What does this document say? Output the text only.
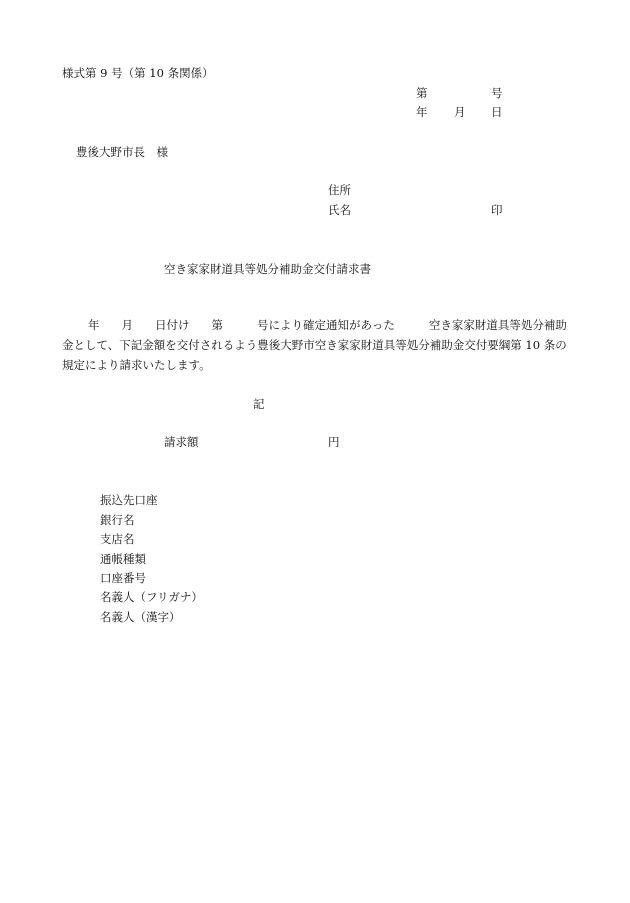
様式第 9 号（第 10 条関係）
第	号
年 月 日
豊後大野市長　様
住所
氏名	印
空き家家財道具等処分補助金交付請求書
年 月 日付け 第	号により確定通知があった	空き家家財道具等処分補助金として、下記金額を交付されるよう豊後大野市空き家家財道具等処分補助金交付要綱第 10 条の規定により請求いたします。
記
請求額	円
振込先口座
銀行名
支店名
通帳種類
口座番号
名義人（フリガナ）
名義人（漢字）
